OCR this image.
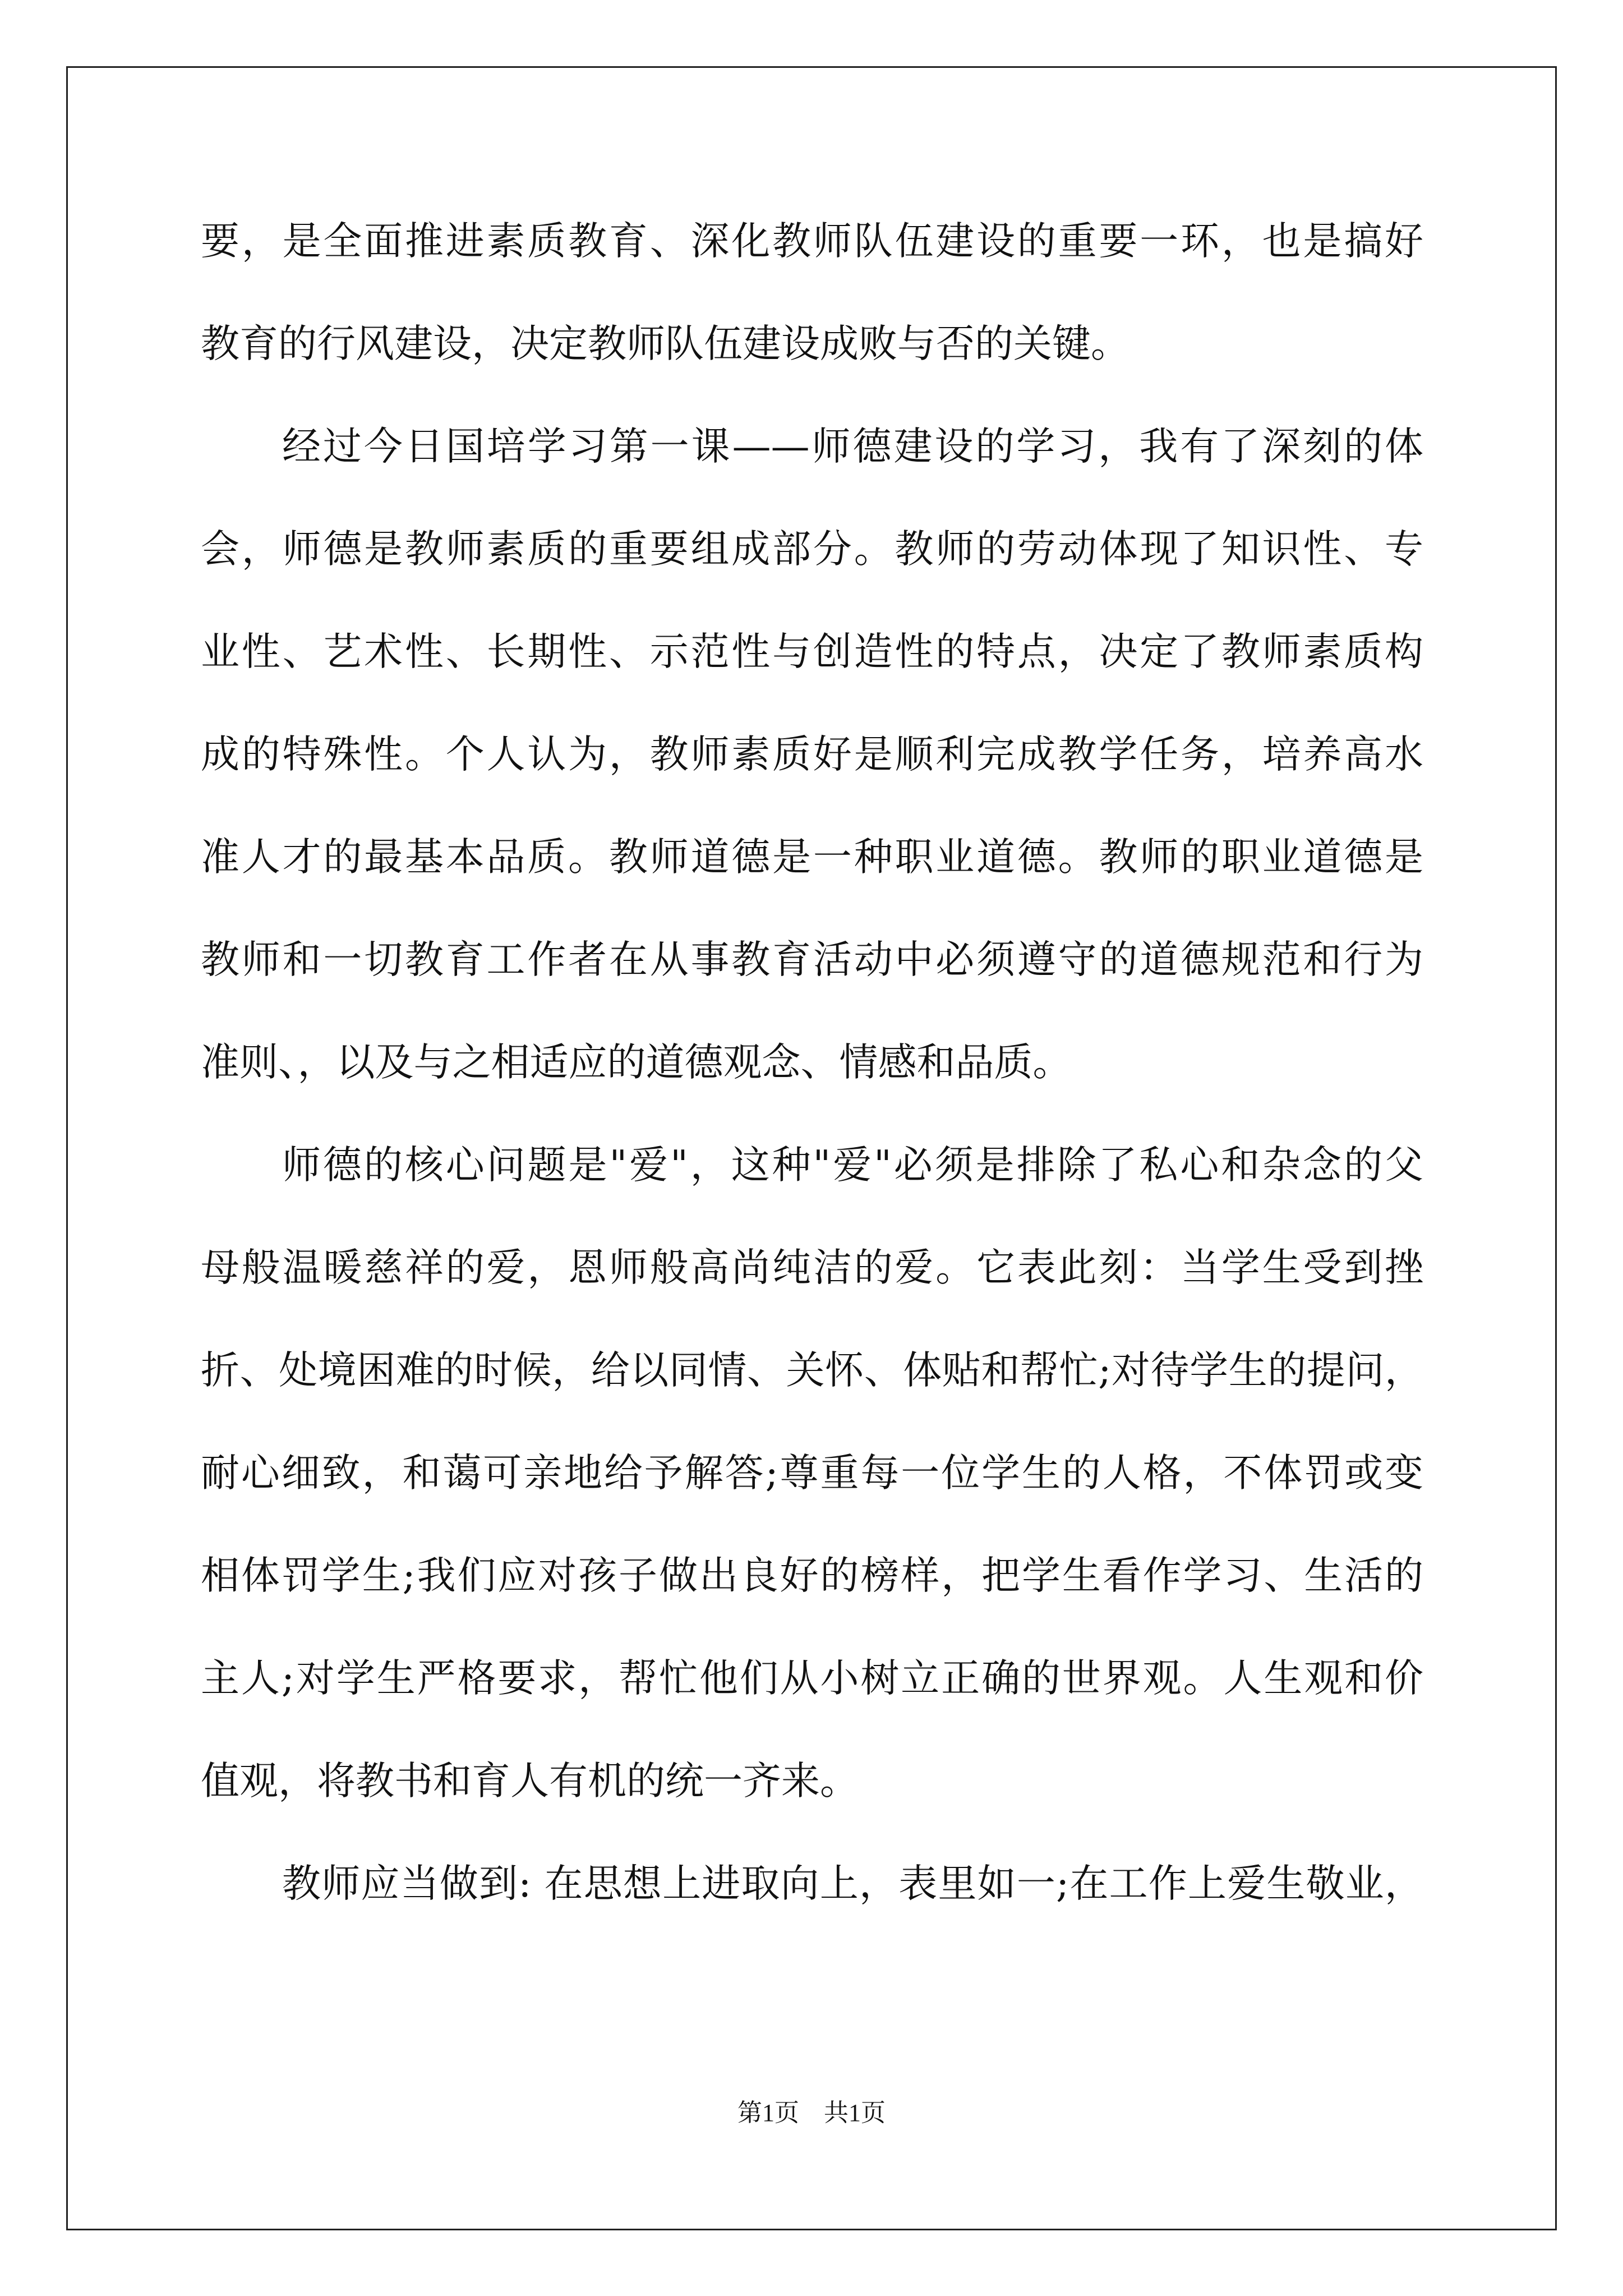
要，是全面推进素质教育、深化教师队伍建设的重要一环，也是搞好
教育的行风建设，决定教师队伍建设成败与否的关键。
经过今日国培学习第一课——师德建设的学习，我有了深刻的体
会，师德是教师素质的重要组成部分。教师的劳动体现了知识性、专
业性、艺术性、长期性、示范性与创造性的特点，决定了教师素质构
成的特殊性。个人认为，教师素质好是顺利完成教学任务，培养高水
准人才的最基本品质。教师道德是一种职业道德。教师的职业道德是
教师和一切教育工作者在从事教育活动中必须遵守的道德规范和行为
准则、，以及与之相适应的道德观念、情感和品质。
师德的核心问题是"爱"，这种"爱"必须是排除了私心和杂念的父
母般温暖慈祥的爱，恩师般高尚纯洁的爱。它表此刻：当学生受到挫
折、处境困难的时候，给以同情、关怀、体贴和帮忙;对待学生的提问，
耐心细致，和蔼可亲地给予解答;尊重每一位学生的人格，不体罚或变
相体罚学生;我们应对孩子做出良好的榜样，把学生看作学习、生活的
主人;对学生严格要求，帮忙他们从小树立正确的世界观。人生观和价
值观，将教书和育人有机的统一齐来。
教师应当做到: 在思想上进取向上，表里如一;在工作上爱生敬业，
第1页　共1页
